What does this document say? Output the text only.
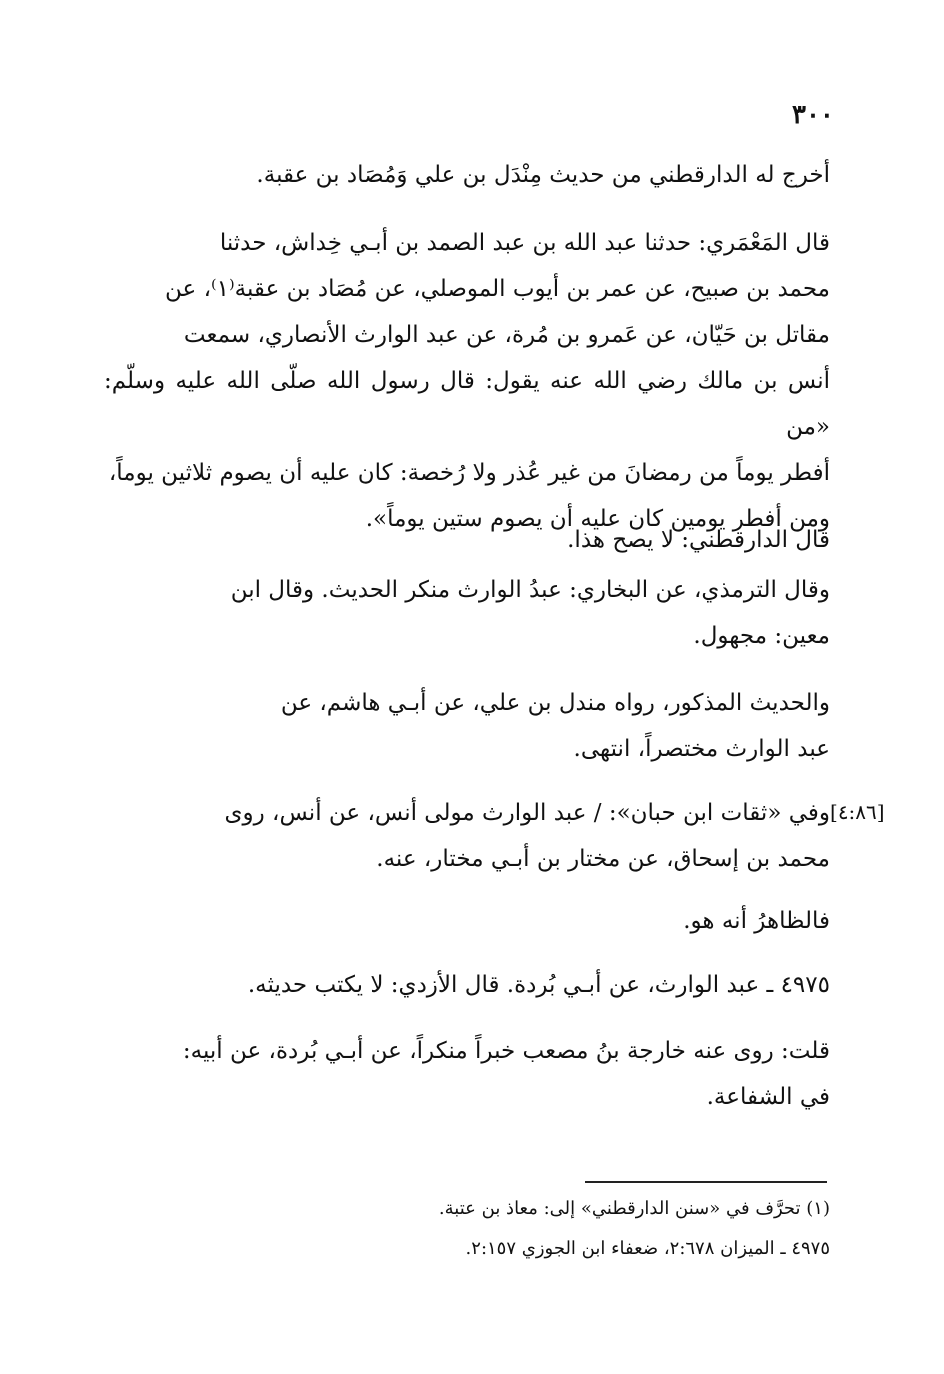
٣٠٠

أخرج له الدارقطني من حديث مِنْدَل بن علي وَمُصَاد بن عقبة.

قال المَعْمَري: حدثنا عبد الله بن عبد الصمد بن أبـي خِداش، حدثنا
محمد بن صبيح، عن عمر بن أيوب الموصلي، عن مُصَاد بن عقبة⁽١⁾، عن
مقاتل بن حَيّان، عن عَمرو بن مُرة، عن عبد الوارث الأنصاري، سمعت
أنس بن مالك رضي الله عنه يقول: قال رسول الله صلّى الله عليه وسلّم: «من
أفطر يوماً من رمضانَ من غير عُذر ولا رُخصة: كان عليه أن يصوم ثلاثين يوماً،
ومن أفطر يومين كان عليه أن يصوم ستين يوماً».

قال الدارقطني: لا يصح هذا.

وقال الترمذي، عن البخاري: عبدُ الوارث منكر الحديث. وقال ابن
معين: مجهول.

والحديث المذكور، رواه مندل بن علي، عن أبـي هاشم، عن
عبد الوارث مختصراً، انتهى.

[٤:٨٦]

وفي «ثقات ابن حبان»: / عبد الوارث مولى أنس، عن أنس، روى
محمد بن إسحاق، عن مختار بن أبـي مختار، عنه.

فالظاهرُ أنه هو.

٤٩٧٥ ـ عبد الوارث، عن أبـي بُردة. قال الأزدي: لا يكتب حديثه.

قلت: روى عنه خارجة بنُ مصعب خبراً منكراً، عن أبـي بُردة، عن أبيه:
في الشفاعة.

(١) تحرَّف في «سنن الدارقطني» إلى: معاذ بن عتبة.
٤٩٧٥ ـ الميزان ٢:٦٧٨، ضعفاء ابن الجوزي ٢:١٥٧.
